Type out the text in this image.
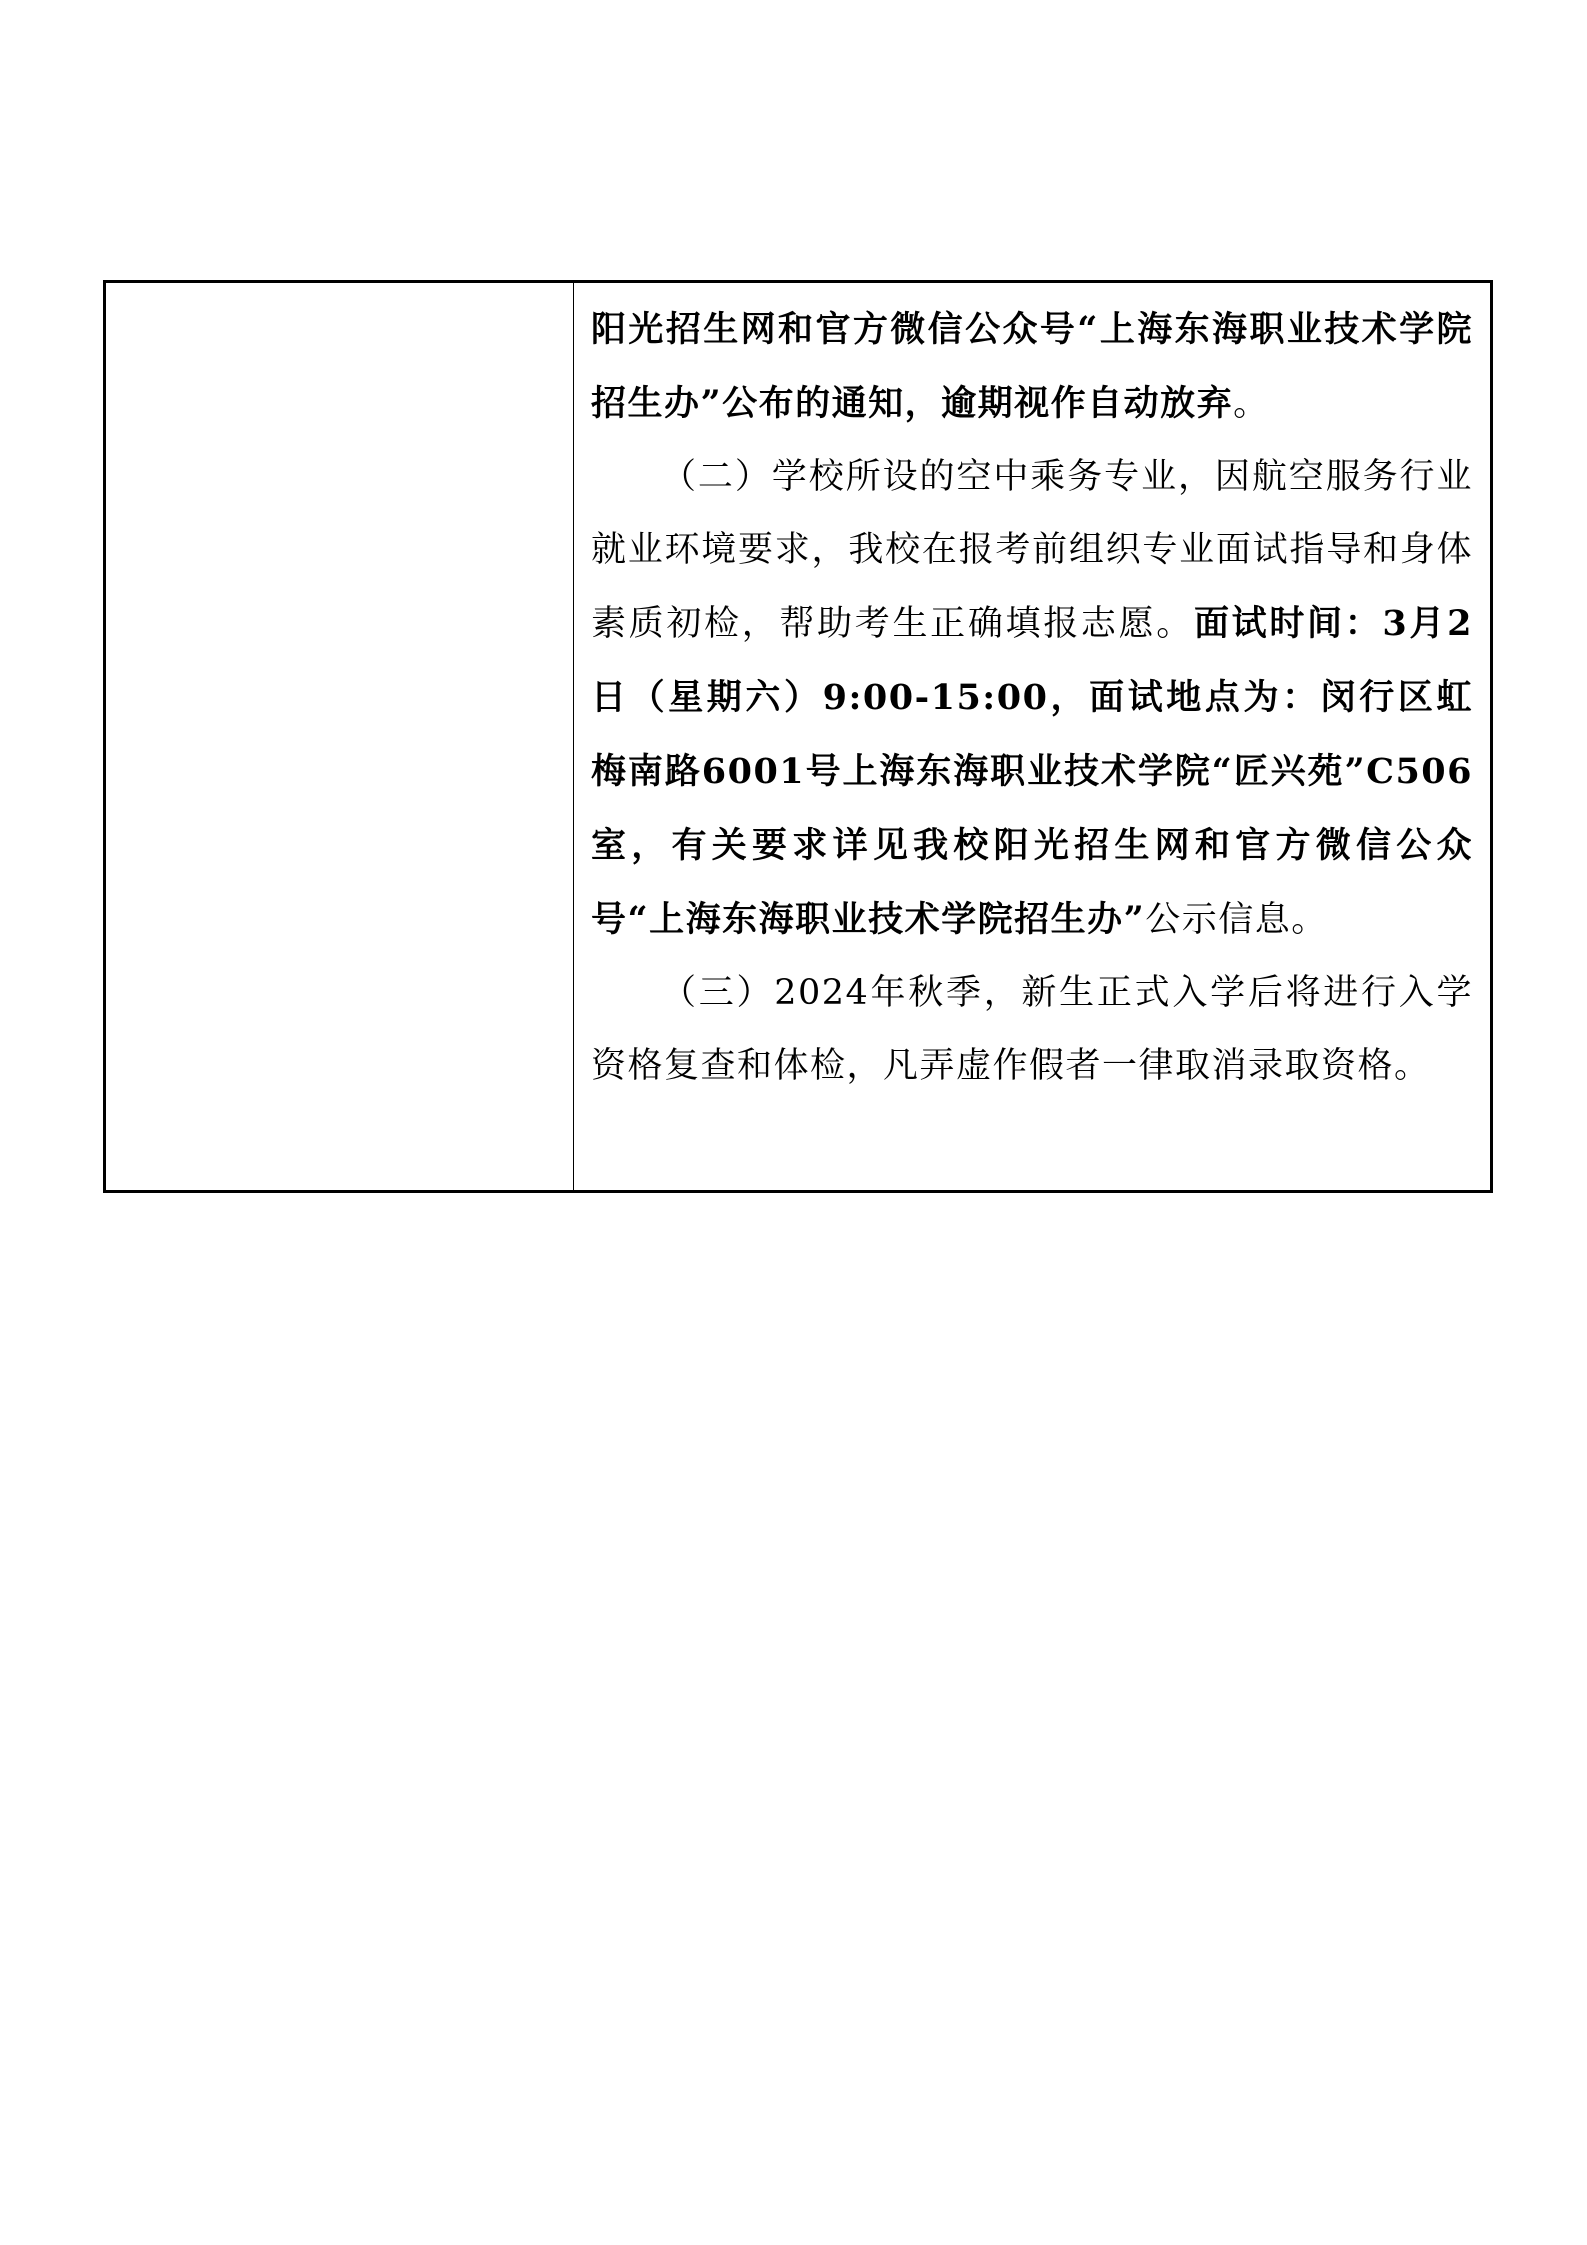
阳光招生网和官方微信公众号“上海东海职业技术学院招生办”公布的通知，逾期视作自动放弃。

（二）学校所设的空中乘务专业，因航空服务行业就业环境要求，我校在报考前组织专业面试指导和身体素质初检，帮助考生正确填报志愿。面试时间：3月2日（星期六）9:00-15:00，面试地点为：闵行区虹梅南路6001号上海东海职业技术学院“匠兴苑”C506室，有关要求详见我校阳光招生网和官方微信公众号“上海东海职业技术学院招生办”公示信息。

（三）2024年秋季，新生正式入学后将进行入学资格复查和体检，凡弄虚作假者一律取消录取资格。
